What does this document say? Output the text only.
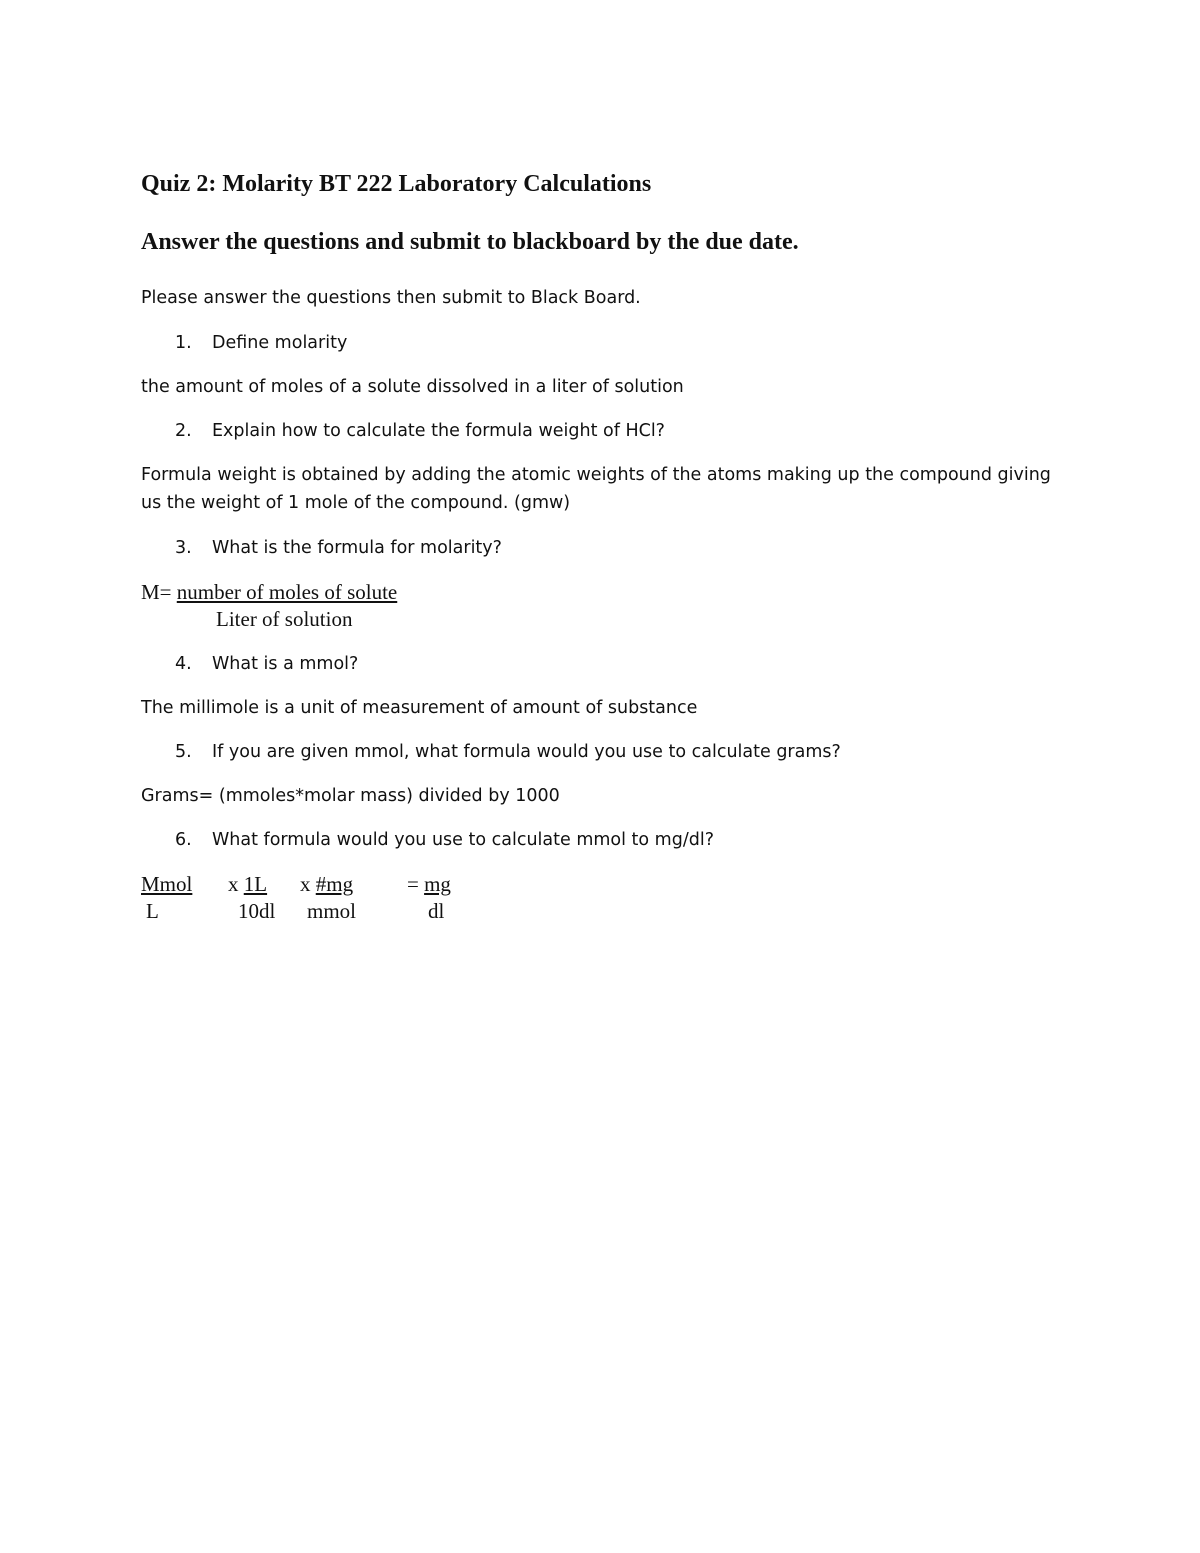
Quiz 2: Molarity BT 222 Laboratory Calculations

Answer the questions and submit to blackboard by the due date.

Please answer the questions then submit to Black Board.

1. Define molarity

the amount of moles of a solute dissolved in a liter of solution

2. Explain how to calculate the formula weight of HCl?

Formula weight is obtained by adding the atomic weights of the atoms making up the compound giving

us the weight of 1 mole of the compound. (gmw)

3. What is the formula for molarity?

M= number of moles of solute

Liter of solution

4. What is a mmol?

The millimole is a unit of measurement of amount of substance

5. If you are given mmol, what formula would you use to calculate grams?

Grams= (mmoles*molar mass) divided by 1000

6. What formula would you use to calculate mmol to mg/dl?

Mmol

L

x 1L

10dl

x #mg

mmol

= mg

dl
